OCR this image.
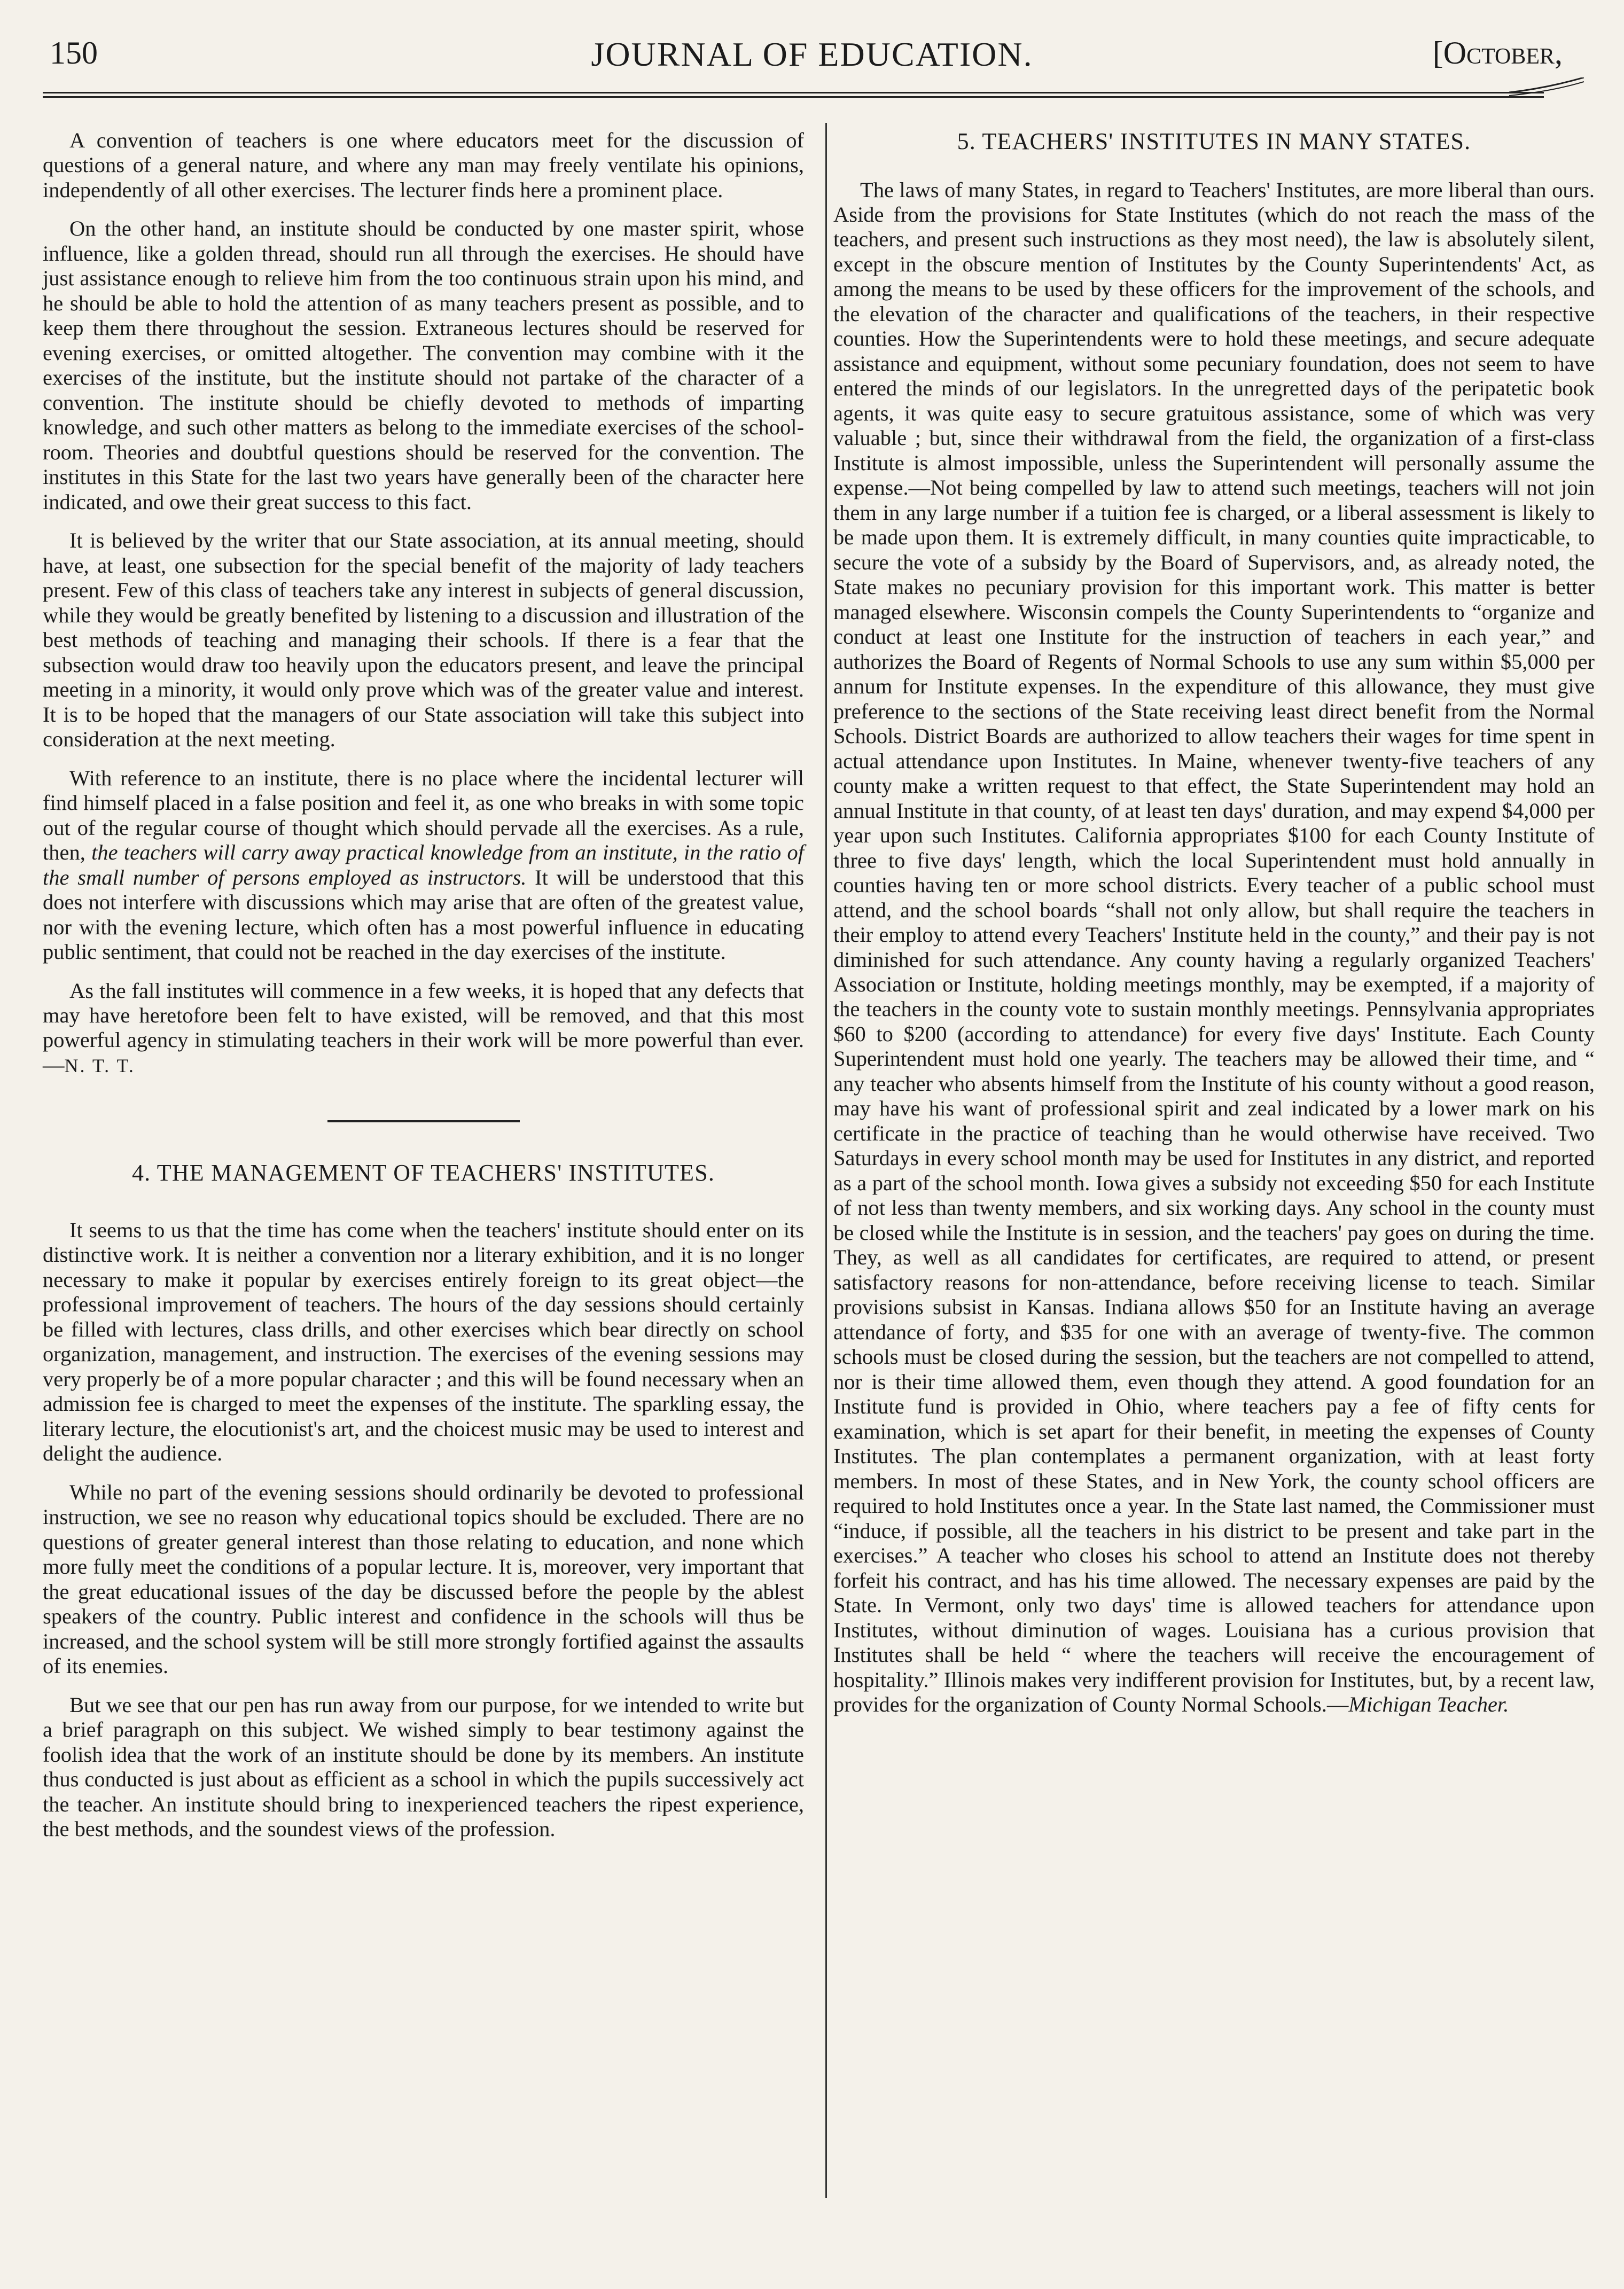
150	JOURNAL OF EDUCATION.	[October,

A convention of teachers is one where educators meet for the discussion of questions of a general nature, and where any man may freely ventilate his opinions, independently of all other exercises. The lecturer finds here a prominent place.

On the other hand, an institute should be conducted by one master spirit, whose influence, like a golden thread, should run all through the exercises. He should have just assistance enough to relieve him from the too continuous strain upon his mind, and he should be able to hold the attention of as many teachers present as possible, and to keep them there throughout the session. Extraneous lectures should be reserved for evening exercises, or omitted altogether. The convention may combine with it the exercises of the institute, but the institute should not partake of the character of a convention. The institute should be chiefly devoted to methods of imparting knowledge, and such other matters as belong to the immediate exercises of the school-room. Theories and doubtful questions should be reserved for the convention. The institutes in this State for the last two years have generally been of the character here indicated, and owe their great success to this fact.

It is believed by the writer that our State association, at its annual meeting, should have, at least, one subsection for the special benefit of the majority of lady teachers present. Few of this class of teachers take any interest in subjects of general discussion, while they would be greatly benefited by listening to a discussion and illustration of the best methods of teaching and managing their schools. If there is a fear that the subsection would draw too heavily upon the educators present, and leave the principal meeting in a minority, it would only prove which was of the greater value and interest. It is to be hoped that the managers of our State association will take this subject into consideration at the next meeting.

With reference to an institute, there is no place where the incidental lecturer will find himself placed in a false position and feel it, as one who breaks in with some topic out of the regular course of thought which should pervade all the exercises. As a rule, then, the teachers will carry away practical knowledge from an institute, in the ratio of the small number of persons employed as instructors. It will be understood that this does not interfere with discussions which may arise that are often of the greatest value, nor with the evening lecture, which often has a most powerful influence in educating public sentiment, that could not be reached in the day exercises of the institute.

As the fall institutes will commence in a few weeks, it is hoped that any defects that may have heretofore been felt to have existed, will be removed, and that this most powerful agency in stimulating teachers in their work will be more powerful than ever.—N. T. T.

4. THE MANAGEMENT OF TEACHERS' INSTITUTES.

It seems to us that the time has come when the teachers' institute should enter on its distinctive work. It is neither a convention nor a literary exhibition, and it is no longer necessary to make it popular by exercises entirely foreign to its great object—the professional improvement of teachers. The hours of the day sessions should certainly be filled with lectures, class drills, and other exercises which bear directly on school organization, management, and instruction. The exercises of the evening sessions may very properly be of a more popular character ; and this will be found necessary when an admission fee is charged to meet the expenses of the institute. The sparkling essay, the literary lecture, the elocutionist's art, and the choicest music may be used to interest and delight the audience.

While no part of the evening sessions should ordinarily be devoted to professional instruction, we see no reason why educational topics should be excluded. There are no questions of greater general interest than those relating to education, and none which more fully meet the conditions of a popular lecture. It is, moreover, very important that the great educational issues of the day be discussed before the people by the ablest speakers of the country. Public interest and confidence in the schools will thus be increased, and the school system will be still more strongly fortified against the assaults of its enemies.

But we see that our pen has run away from our purpose, for we intended to write but a brief paragraph on this subject. We wished simply to bear testimony against the foolish idea that the work of an institute should be done by its members. An institute thus conducted is just about as efficient as a school in which the pupils successively act the teacher. An institute should bring to inexperienced teachers the ripest experience, the best methods, and the soundest views of the profession.

5. TEACHERS' INSTITUTES IN MANY STATES.

The laws of many States, in regard to Teachers' Institutes, are more liberal than ours. Aside from the provisions for State Institutes (which do not reach the mass of the teachers, and present such instructions as they most need), the law is absolutely silent, except in the obscure mention of Institutes by the County Superintendents' Act, as among the means to be used by these officers for the improvement of the schools, and the elevation of the character and qualifications of the teachers, in their respective counties. How the Superintendents were to hold these meetings, and secure adequate assistance and equipment, without some pecuniary foundation, does not seem to have entered the minds of our legislators. In the unregretted days of the peripatetic book agents, it was quite easy to secure gratuitous assistance, some of which was very valuable ; but, since their withdrawal from the field, the organization of a first-class Institute is almost impossible, unless the Superintendent will personally assume the expense.—Not being compelled by law to attend such meetings, teachers will not join them in any large number if a tuition fee is charged, or a liberal assessment is likely to be made upon them. It is extremely difficult, in many counties quite impracticable, to secure the vote of a subsidy by the Board of Supervisors, and, as already noted, the State makes no pecuniary provision for this important work. This matter is better managed elsewhere. Wisconsin compels the County Superintendents to “organize and conduct at least one Institute for the instruction of teachers in each year,” and authorizes the Board of Regents of Normal Schools to use any sum within $5,000 per annum for Institute expenses. In the expenditure of this allowance, they must give preference to the sections of the State receiving least direct benefit from the Normal Schools. District Boards are authorized to allow teachers their wages for time spent in actual attendance upon Institutes. In Maine, whenever twenty-five teachers of any county make a written request to that effect, the State Superintendent may hold an annual Institute in that county, of at least ten days' duration, and may expend $4,000 per year upon such Institutes. California appropriates $100 for each County Institute of three to five days' length, which the local Superintendent must hold annually in counties having ten or more school districts. Every teacher of a public school must attend, and the school boards “shall not only allow, but shall require the teachers in their employ to attend every Teachers' Institute held in the county,” and their pay is not diminished for such attendance. Any county having a regularly organized Teachers' Association or Institute, holding meetings monthly, may be exempted, if a majority of the teachers in the county vote to sustain monthly meetings. Pennsylvania appropriates $60 to $200 (according to attendance) for every five days' Institute. Each County Superintendent must hold one yearly. The teachers may be allowed their time, and “ any teacher who absents himself from the Institute of his county without a good reason, may have his want of professional spirit and zeal indicated by a lower mark on his certificate in the practice of teaching than he would otherwise have received. Two Saturdays in every school month may be used for Institutes in any district, and reported as a part of the school month. Iowa gives a subsidy not exceeding $50 for each Institute of not less than twenty members, and six working days. Any school in the county must be closed while the Institute is in session, and the teachers' pay goes on during the time. They, as well as all candidates for certificates, are required to attend, or present satisfactory reasons for non-attendance, before receiving license to teach. Similar provisions subsist in Kansas. Indiana allows $50 for an Institute having an average attendance of forty, and $35 for one with an average of twenty-five. The common schools must be closed during the session, but the teachers are not compelled to attend, nor is their time allowed them, even though they attend. A good foundation for an Institute fund is provided in Ohio, where teachers pay a fee of fifty cents for examination, which is set apart for their benefit, in meeting the expenses of County Institutes. The plan contemplates a permanent organization, with at least forty members. In most of these States, and in New York, the county school officers are required to hold Institutes once a year. In the State last named, the Commissioner must “induce, if possible, all the teachers in his district to be present and take part in the exercises.” A teacher who closes his school to attend an Institute does not thereby forfeit his contract, and has his time allowed. The necessary expenses are paid by the State. In Vermont, only two days' time is allowed teachers for attendance upon Institutes, without diminution of wages. Louisiana has a curious provision that Institutes shall be held “ where the teachers will receive the encouragement of hospitality.” Illinois makes very indifferent provision for Institutes, but, by a recent law, provides for the organization of County Normal Schools.—Michigan Teacher.
